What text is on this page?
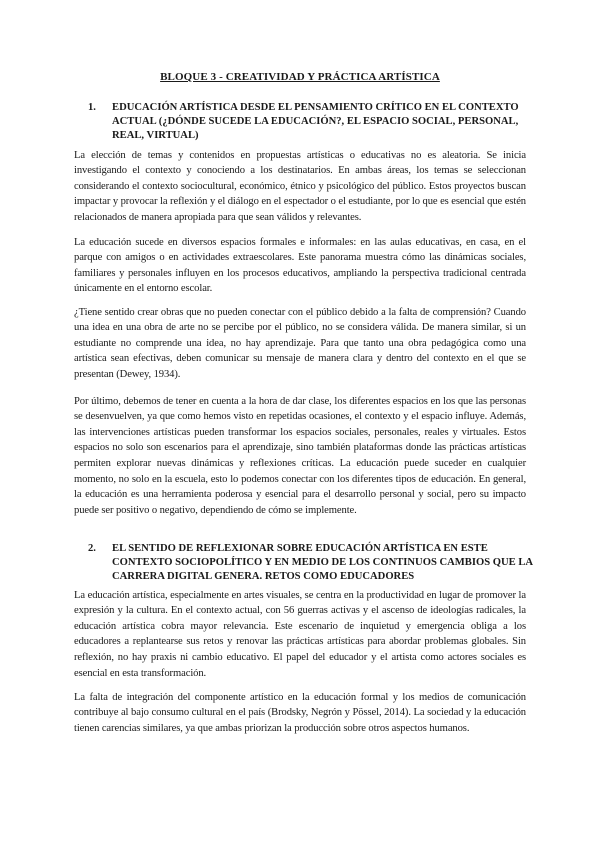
BLOQUE 3 - CREATIVIDAD Y PRÁCTICA ARTÍSTICA
1.	EDUCACIÓN ARTÍSTICA DESDE EL PENSAMIENTO CRÍTICO EN EL CONTEXTO ACTUAL (¿DÓNDE SUCEDE LA EDUCACIÓN?, EL ESPACIO SOCIAL, PERSONAL, REAL, VIRTUAL)

La elección de temas y contenidos en propuestas artísticas o educativas no es aleatoria. Se inicia investigando el contexto y conociendo a los destinatarios. En ambas áreas, los temas se seleccionan considerando el contexto sociocultural, económico, étnico y psicológico del público. Estos proyectos buscan impactar y provocar la reflexión y el diálogo en el espectador o el estudiante, por lo que es esencial que estén relacionados de manera apropiada para que sean válidos y relevantes.

La educación sucede en diversos espacios formales e informales: en las aulas educativas, en casa, en el parque con amigos o en actividades extraescolares. Este panorama muestra cómo las dinámicas sociales, familiares y personales influyen en los procesos educativos, ampliando la perspectiva tradicional centrada únicamente en el entorno escolar.

¿Tiene sentido crear obras que no pueden conectar con el público debido a la falta de comprensión? Cuando una idea en una obra de arte no se percibe por el público, no se considera válida. De manera similar, si un estudiante no comprende una idea, no hay aprendizaje. Para que tanto una obra pedagógica como una artística sean efectivas, deben comunicar su mensaje de manera clara y dentro del contexto en el que se presentan (Dewey, 1934).

Por último, debemos de tener en cuenta a la hora de dar clase, los diferentes espacios en los que las personas se desenvuelven, ya que como hemos visto en repetidas ocasiones, el contexto y el espacio influye. Además, las intervenciones artísticas pueden transformar los espacios sociales, personales, reales y virtuales. Estos espacios no solo son escenarios para el aprendizaje, sino también plataformas donde las prácticas artísticas permiten explorar nuevas dinámicas y reflexiones críticas. La educación puede suceder en cualquier momento, no solo en la escuela, esto lo podemos conectar con los diferentes tipos de educación. En general, la educación es una herramienta poderosa y esencial para el desarrollo personal y social, pero su impacto puede ser positivo o negativo, dependiendo de cómo se implemente.

2.	EL SENTIDO DE REFLEXIONAR SOBRE EDUCACIÓN ARTÍSTICA EN ESTE CONTEXTO SOCIOPOLÍTICO Y EN MEDIO DE LOS CONTINUOS CAMBIOS QUE LA CARRERA DIGITAL GENERA. RETOS COMO EDUCADORES

La educación artística, especialmente en artes visuales, se centra en la productividad en lugar de promover la expresión y la cultura. En el contexto actual, con 56 guerras activas y el ascenso de ideologías radicales, la educación artística cobra mayor relevancia. Este escenario de inquietud y emergencia obliga a los educadores a replantearse sus retos y renovar las prácticas artísticas para abordar problemas globales. Sin reflexión, no hay praxis ni cambio educativo. El papel del educador y el artista como actores sociales es esencial en esta transformación.

La falta de integración del componente artístico en la educación formal y los medios de comunicación contribuye al bajo consumo cultural en el país (Brodsky, Negrón y Pössel, 2014). La sociedad y la educación tienen carencias similares, ya que ambas priorizan la producción sobre otros aspectos humanos.
